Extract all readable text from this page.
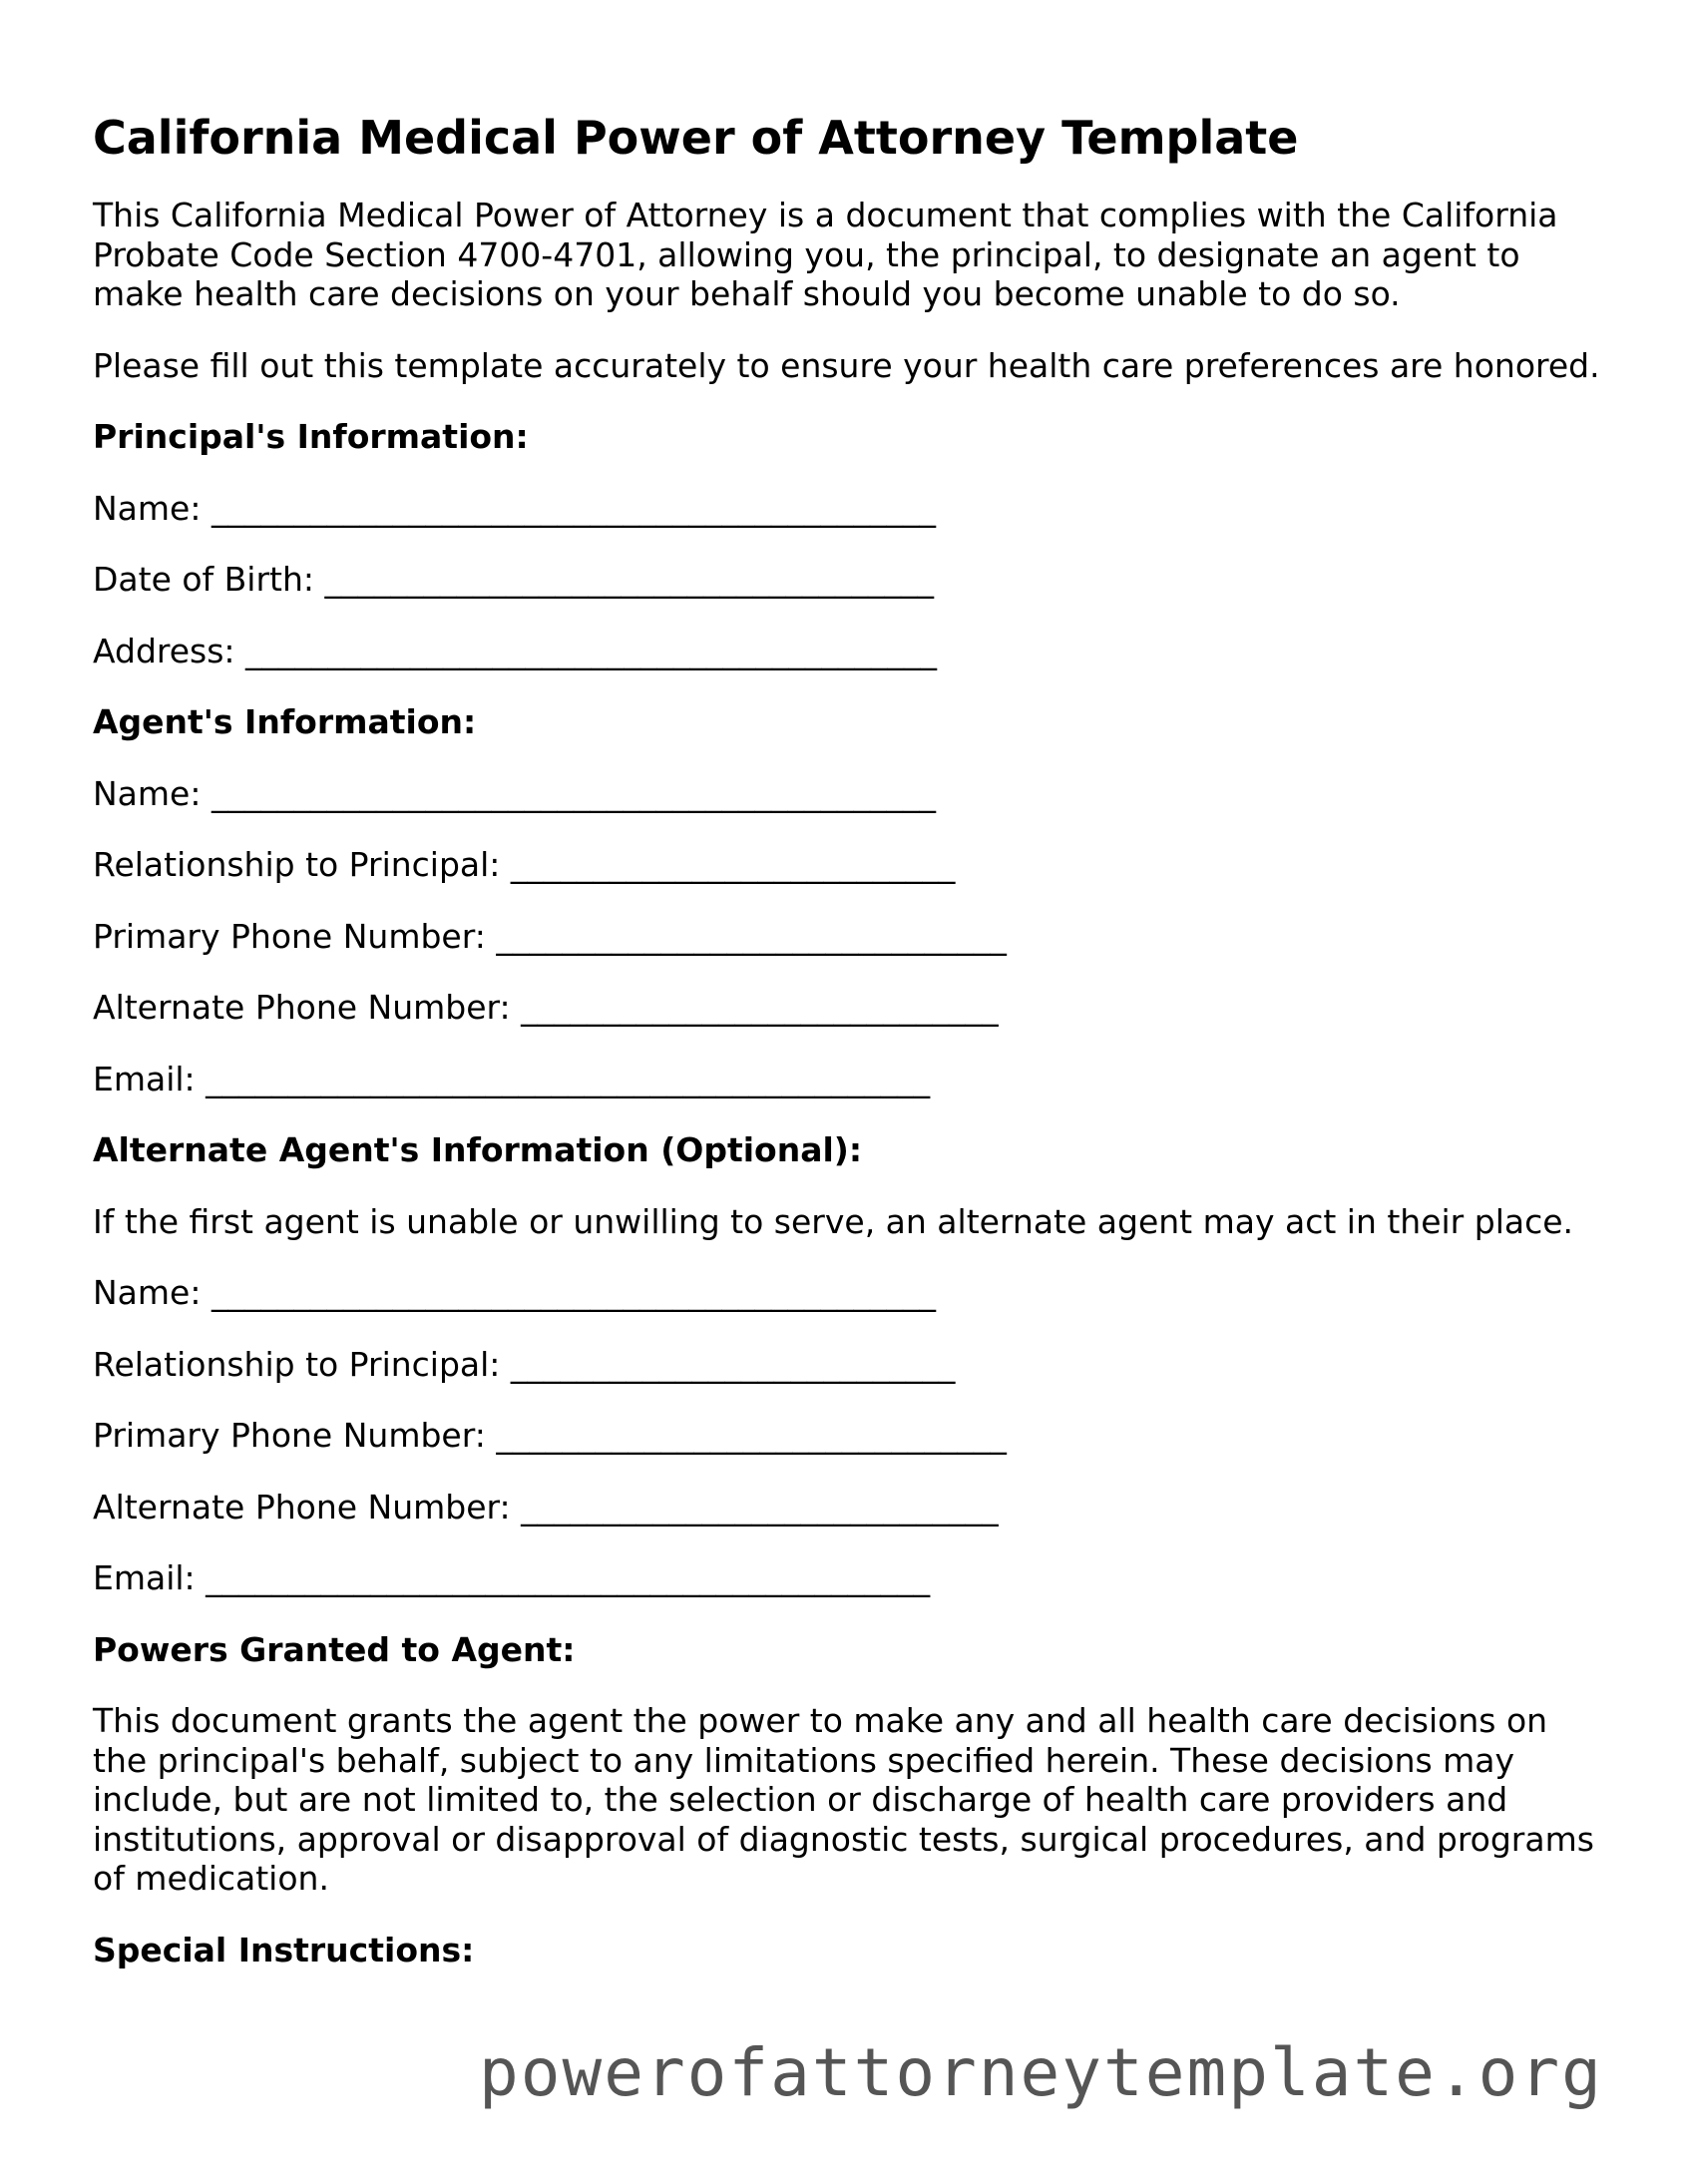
California Medical Power of Attorney Template

This California Medical Power of Attorney is a document that complies with the California Probate Code Section 4700-4701, allowing you, the principal, to designate an agent to make health care decisions on your behalf should you become unable to do so.

Please fill out this template accurately to ensure your health care preferences are honored.

Principal's Information:
Name: ____________________________________________
Date of Birth: _____________________________________
Address: __________________________________________
Agent's Information:
Name: ____________________________________________
Relationship to Principal: ___________________________
Primary Phone Number: _______________________________
Alternate Phone Number: _____________________________
Email: ____________________________________________
Alternate Agent's Information (Optional):

If the first agent is unable or unwilling to serve, an alternate agent may act in their place.

Name: ____________________________________________
Relationship to Principal: ___________________________
Primary Phone Number: _______________________________
Alternate Phone Number: _____________________________
Email: ____________________________________________
Powers Granted to Agent:

This document grants the agent the power to make any and all health care decisions on the principal's behalf, subject to any limitations specified herein. These decisions may include, but are not limited to, the selection or discharge of health care providers and institutions, approval or disapproval of diagnostic tests, surgical procedures, and programs of medication.

Special Instructions:
powerofattorneytemplate.org
